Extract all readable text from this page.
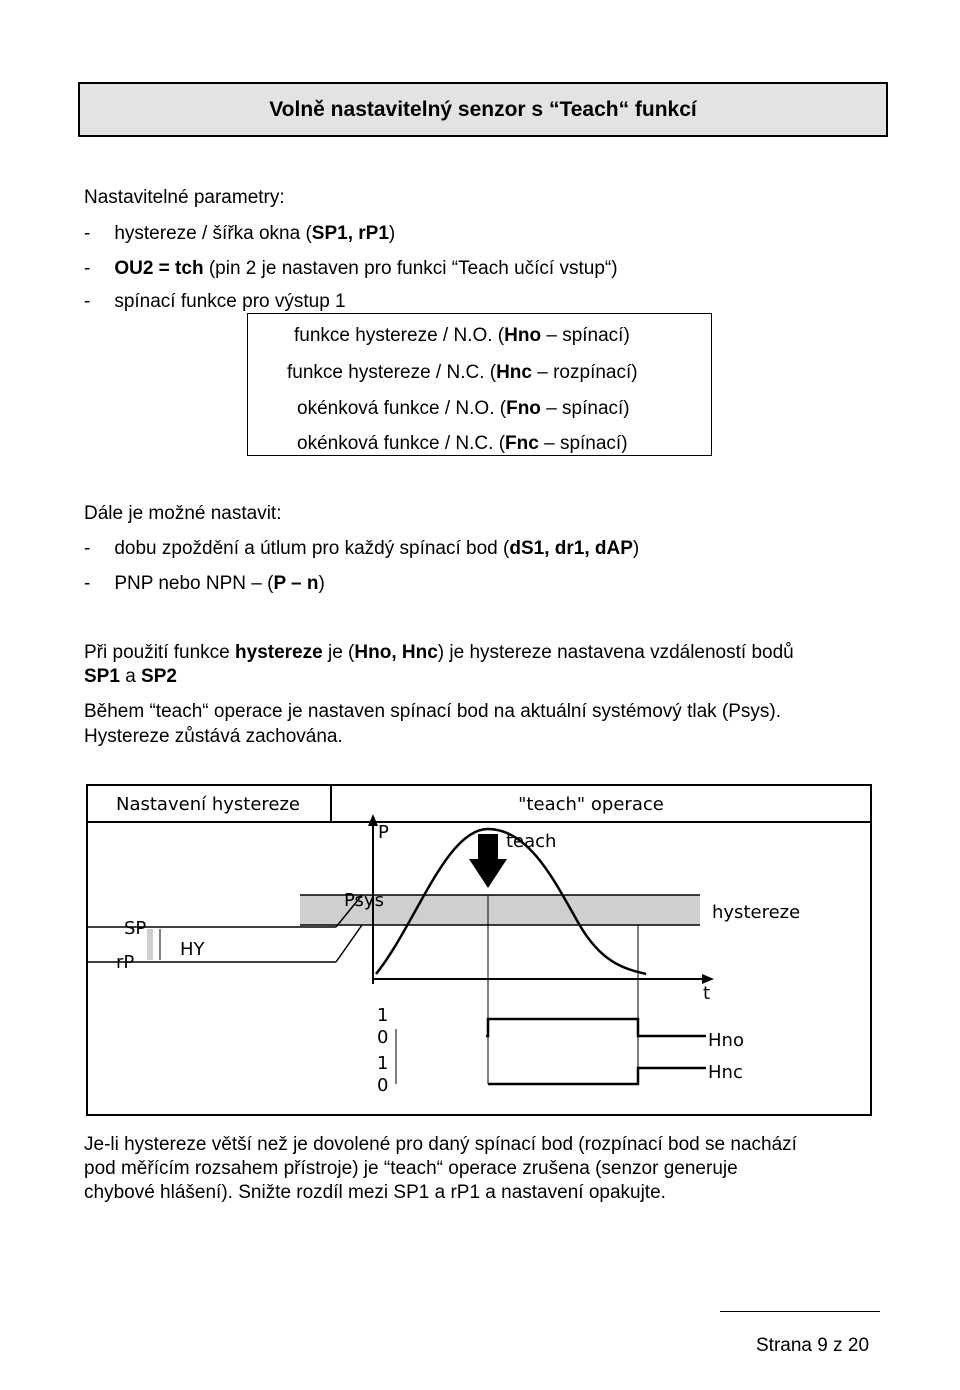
Volně nastavitelný senzor s “Teach“ funkcí
Nastavitelné parametry:
- hystereze / šířka okna (SP1, rP1)
- OU2 = tch (pin 2 je nastaven pro funkci “Teach učící vstup“)
- spínací funkce pro výstup 1
funkce hystereze / N.O. (Hno – spínací)
funkce hystereze / N.C. (Hnc – rozpínací)
okénková funkce / N.O. (Fno – spínací)
okénková funkce / N.C. (Fnc – spínací)
Dále je možné nastavit:
- dobu zpoždění a útlum pro každý spínací bod (dS1, dr1, dAP)
- PNP nebo NPN – (P – n)
Při použití funkce hystereze je (Hno, Hnc) je hystereze nastavena vzdáleností bodů
SP1 a SP2
Během “teach“ operace je nastaven spínací bod na aktuální systémový tlak (Psys).
Hystereze zůstává zachována.
Nastavení hystereze	"teach" operace
SP
rP
HY
P
t
Psys
teach
hystereze
1
0
1
0
Hno
Hnc
Je-li hystereze větší než je dovolené pro daný spínací bod (rozpínací bod se nachází
pod měřícím rozsahem přístroje) je “teach“ operace zrušena (senzor generuje
chybové hlášení). Snižte rozdíl mezi SP1 a rP1 a nastavení opakujte.
Strana 9 z 20
